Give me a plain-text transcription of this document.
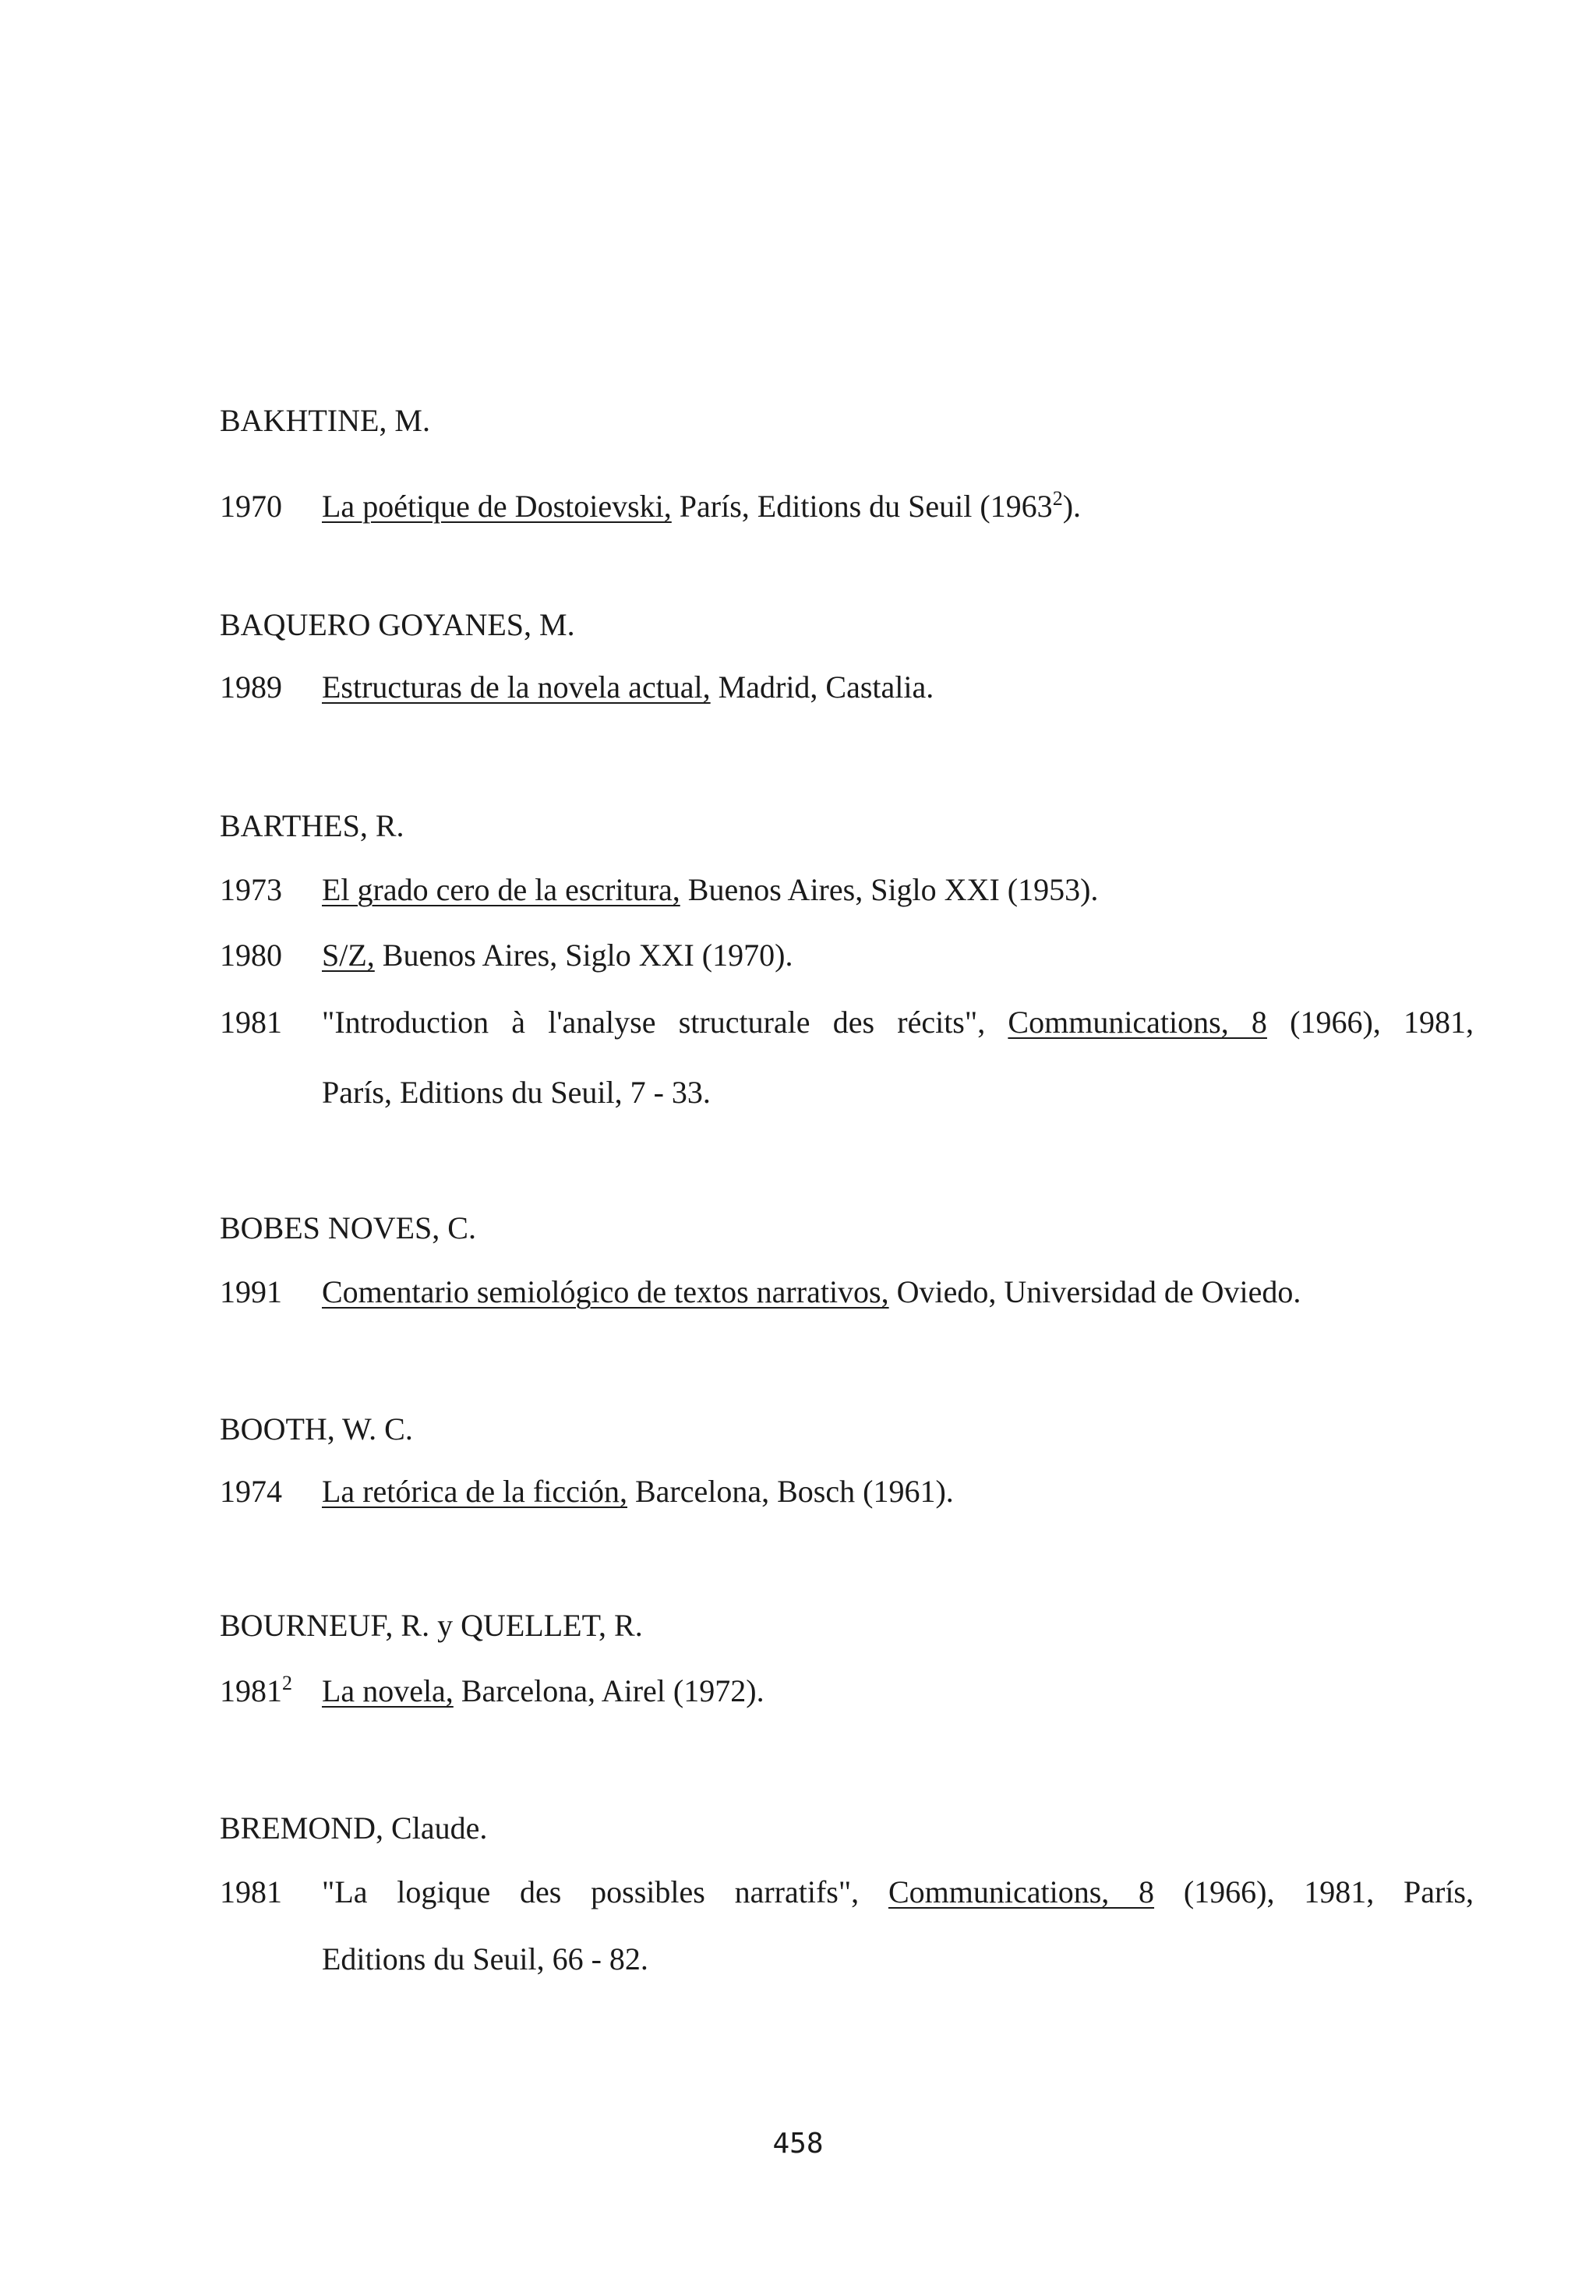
BAKHTINE, M.
1970 La poétique de Dostoievski, París, Editions du Seuil (1963$^2$).
BAQUERO GOYANES, M.
1989 Estructuras de la novela actual, Madrid, Castalia.
BARTHES, R.
1973 El grado cero de la escritura, Buenos Aires, Siglo XXI (1953).
1980 S/Z, Buenos Aires, Siglo XXI (1970).
1981 "Introduction à l'analyse structurale des récits", Communications, 8 (1966), 1981,
París, Editions du Seuil, 7 - 33.
BOBES NOVES, C.
1991 Comentario semiológico de textos narrativos, Oviedo, Universidad de Oviedo.
BOOTH, W. C.
1974 La retórica de la ficción, Barcelona, Bosch (1961).
BOURNEUF, R. y QUELLET, R.
1981$^2$ La novela, Barcelona, Airel (1972).
BREMOND, Claude.
1981 "La logique des possibles narratifs", Communications, 8 (1966), 1981, París,
Editions du Seuil, 66 - 82.
458
